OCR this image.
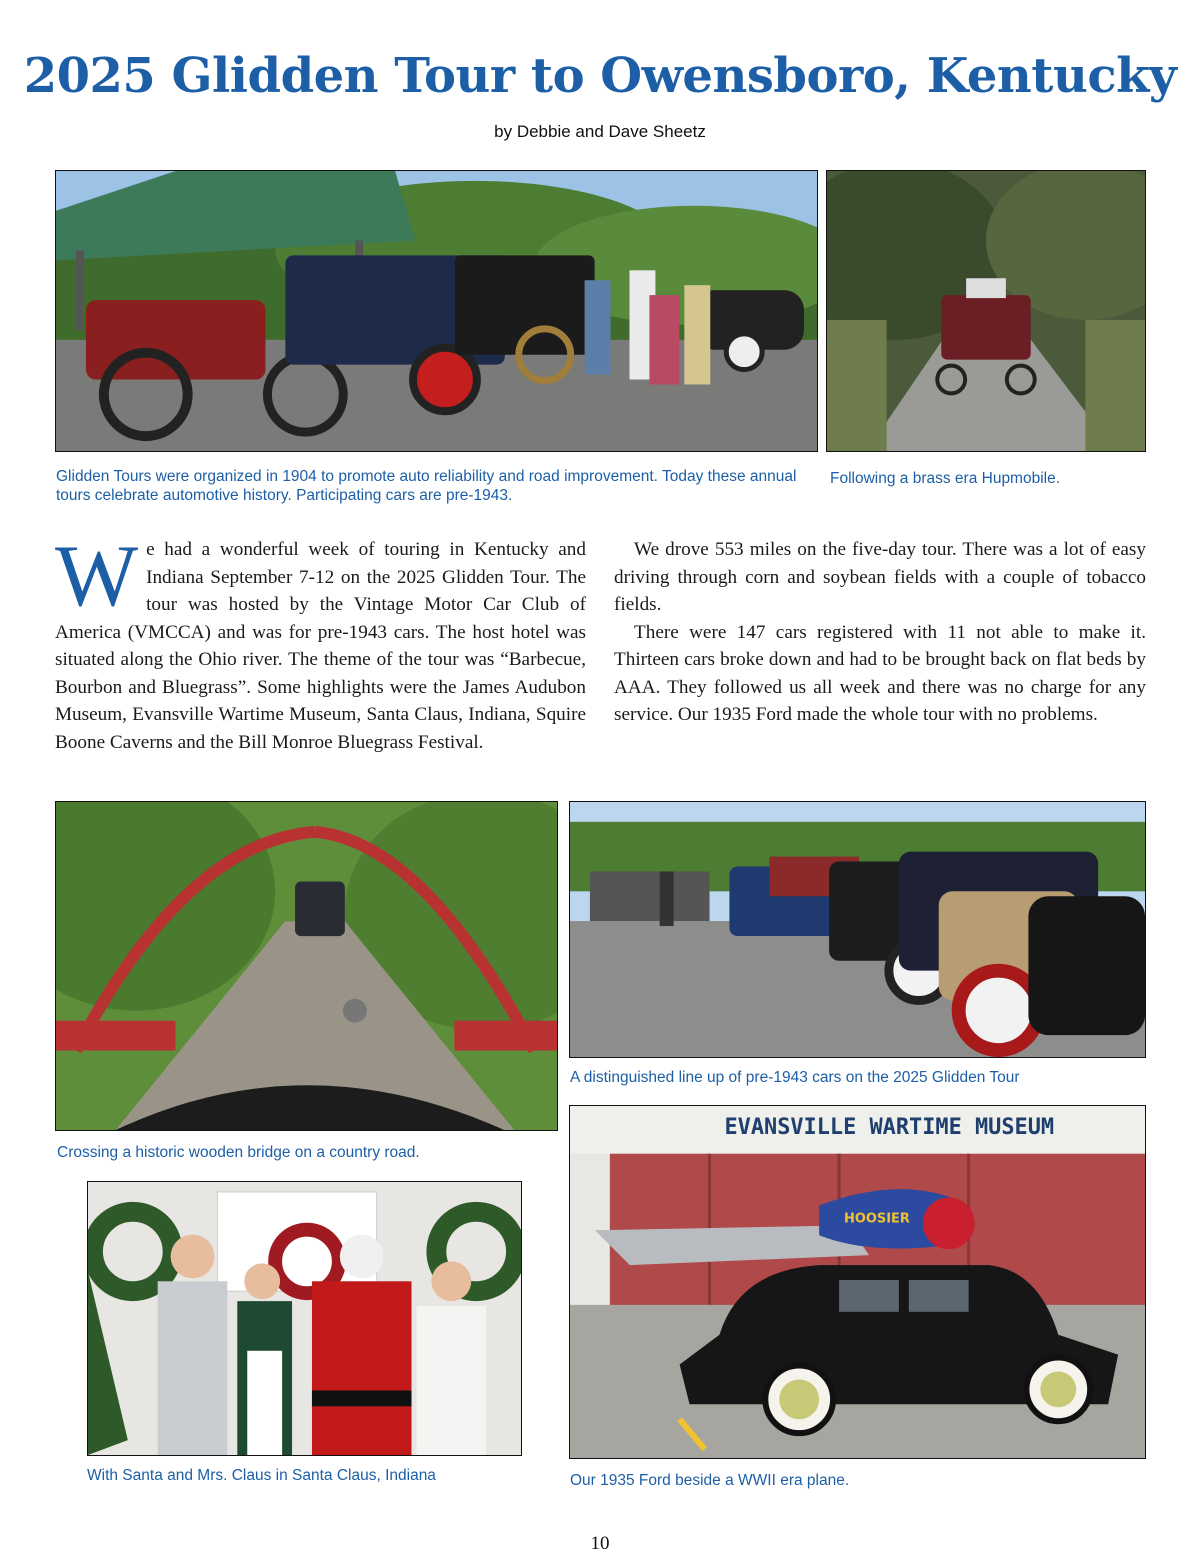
2025 Glidden Tour to Owensboro, Kentucky
by Debbie and Dave Sheetz
Glidden Tours were organized in 1904 to promote auto reliability and road improvement. Today these annual tours celebrate automotive history. Participating cars are pre-1943.
Following a brass era Hupmobile.
W e had a wonderful week of touring in Kentucky and Indiana September 7-12 on the 2025 Glidden Tour. The tour was hosted by the Vintage Motor Car Club of America (VMCCA) and was for pre-1943 cars. The host hotel was situated along the Ohio river. The theme of the tour was “Barbecue, Bourbon and Bluegrass”. Some highlights were the James Audubon Museum, Evansville Wartime Museum, Santa Claus, Indiana, Squire Boone Caverns and the Bill Monroe Bluegrass Festival.

We drove 553 miles on the five-day tour. There was a lot of easy driving through corn and soybean fields with a couple of tobacco fields.

There were 147 cars registered with 11 not able to make it. Thirteen cars broke down and had to be brought back on flat beds by AAA. They followed us all week and there was no charge for any service. Our 1935 Ford made the whole tour with no problems.

Crossing a historic wooden bridge on a country road.
A distinguished line up of pre-1943 cars on the 2025 Glidden Tour
With Santa and Mrs. Claus in Santa Claus, Indiana
EVANSVILLE WARTIME MUSEUM
HOOSIER
Our 1935 Ford beside a WWII era plane.
10
